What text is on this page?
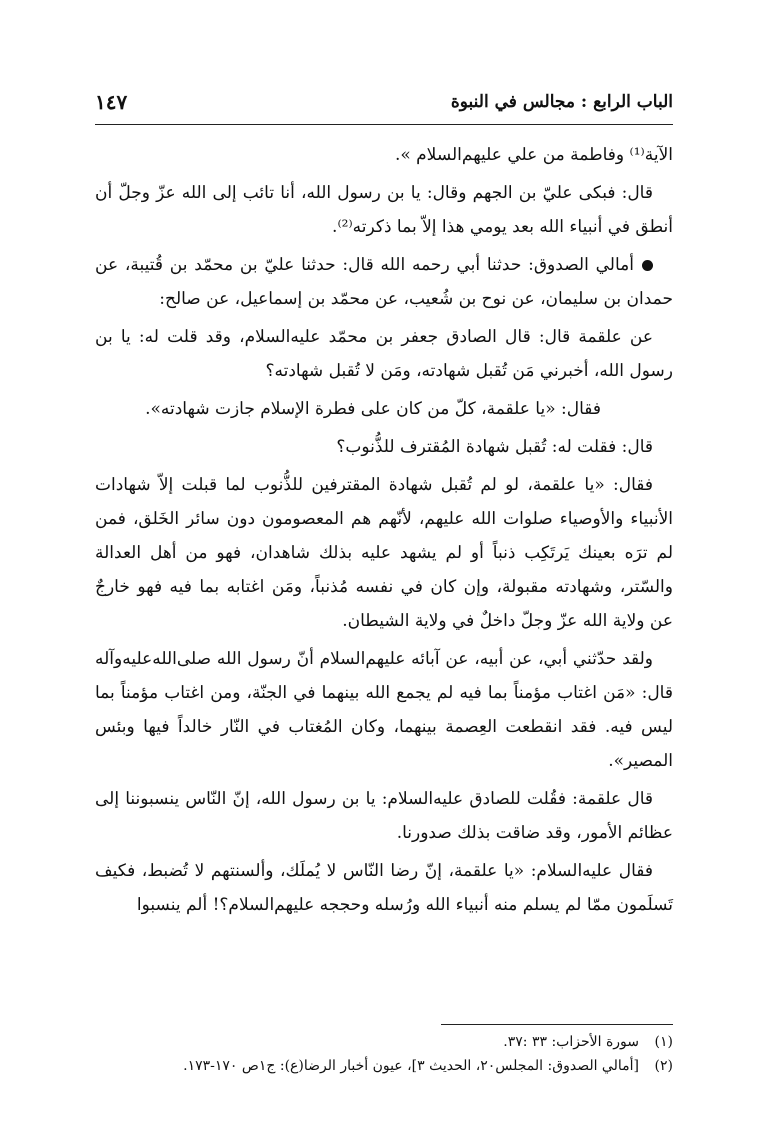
الباب الرابع : مجالس في النبوة
١٤٧

الآية⁽¹⁾ وفاطمة من علي عليهم‌السلام ».

قال: فبكى عليّ بن الجهم وقال: يا بن رسول الله، أنا تائب إلى الله عزّ وجلّ أن أنطق في أنبياء الله بعد يومي هذا إلاّ بما ذكرته⁽²⁾.

أمالي الصدوق: حدثنا أبي رحمه الله قال: حدثنا عليّ بن محمّد بن قُتيبة، عن حمدان بن سليمان، عن نوح بن شُعيب، عن محمّد بن إسماعيل، عن صالح:

عن علقمة قال: قال الصادق جعفر بن محمّد عليه‌السلام، وقد قلت له: يا بن رسول الله، أخبرني مَن تُقبل شهادته، ومَن لا تُقبل شهادته؟

فقال: «يا علقمة، كلّ من كان على فطرة الإسلام جازت شهادته».

قال: فقلت له: تُقبل شهادة المُقترف للذُّنوب؟

فقال: «يا علقمة، لو لم تُقبل شهادة المقترفين للذُّنوب لما قبلت إلاّ شهادات الأنبياء والأوصياء صلوات الله عليهم، لأنّهم هم المعصومون دون سائر الخَلق، فمن لم ترَه بعينك يَرتَكِب ذنباً أو لم يشهد عليه بذلك شاهدان، فهو من أهل العدالة والسّتر، وشهادته مقبولة، وإن كان في نفسه مُذنباً، ومَن اغتابه بما فيه فهو خارجٌ عن ولاية الله عزّ وجلّ داخلٌ في ولاية الشيطان.

ولقد حدّثني أبي، عن أبيه، عن آبائه عليهم‌السلام أنّ رسول الله صلى‌الله‌عليه‌وآله قال: «مَن اغتاب مؤمناً بما فيه لم يجمع الله بينهما في الجنّة، ومن اغتاب مؤمناً بما ليس فيه. فقد انقطعت العِصمة بينهما، وكان المُغتاب في النّار خالداً فيها وبئس المصير».

قال علقمة: فقُلت للصادق عليه‌السلام: يا بن رسول الله، إنّ النّاس ينسبوننا إلى عظائم الأمور، وقد ضاقت بذلك صدورنا.

فقال عليه‌السلام: «يا علقمة، إنّ رضا النّاس لا يُملَك، وألسنتهم لا تُضبط، فكيف تَسلَمون ممّا لم يسلم منه أنبياء الله ورُسله وحججه عليهم‌السلام؟! ألم ينسبوا

(١)سورة الأحزاب: ٣٣ :٣٧.
(٢)[أمالي الصدوق: المجلس٢٠، الحديث ٣]، عيون أخبار الرضا(ع): ج١ص ١٧٠-١٧٣.
